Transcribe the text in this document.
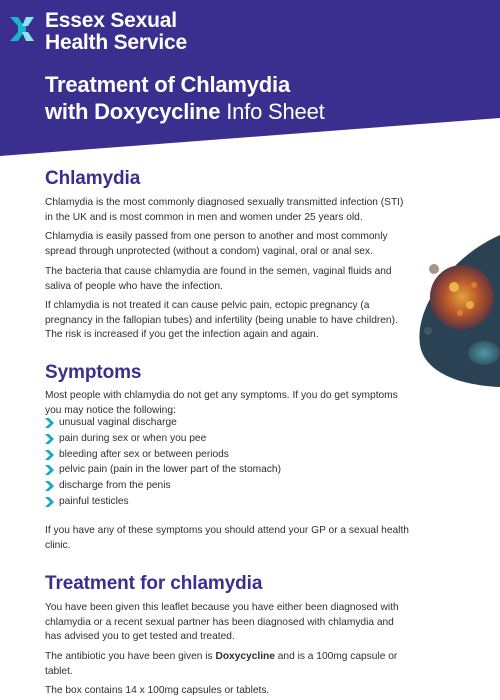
Essex Sexual
Health Service
Treatment of Chlamydia
with Doxycycline Info Sheet
Chlamydia

Chlamydia is the most commonly diagnosed sexually transmitted infection (STI) in the UK and is most common in men and women under 25 years old.

Chlamydia is easily passed from one person to another and most commonly spread through unprotected (without a condom) vaginal, oral or anal sex.

The bacteria that cause chlamydia are found in the semen, vaginal fluids and saliva of people who have the infection.

If chlamydia is not treated it can cause pelvic pain, ectopic pregnancy (a pregnancy in the fallopian tubes) and infertility (being unable to have children). The risk is increased if you get the infection again and again.

Symptoms

Most people with chlamydia do not get any symptoms. If you do get symptoms you may notice the following:

unusual vaginal discharge
pain during sex or when you pee
bleeding after sex or between periods
pelvic pain (pain in the lower part of the stomach)
discharge from the penis
painful testicles

If you have any of these symptoms you should attend your GP or a sexual health clinic.

Treatment for chlamydia

You have been given this leaflet because you have either been diagnosed with chlamydia or a recent sexual partner has been diagnosed with chlamydia and has advised you to get tested and treated.

The antibiotic you have been given is Doxycycline and is a 100mg capsule or tablet.

The box contains 14 x 100mg capsules or tablets.
